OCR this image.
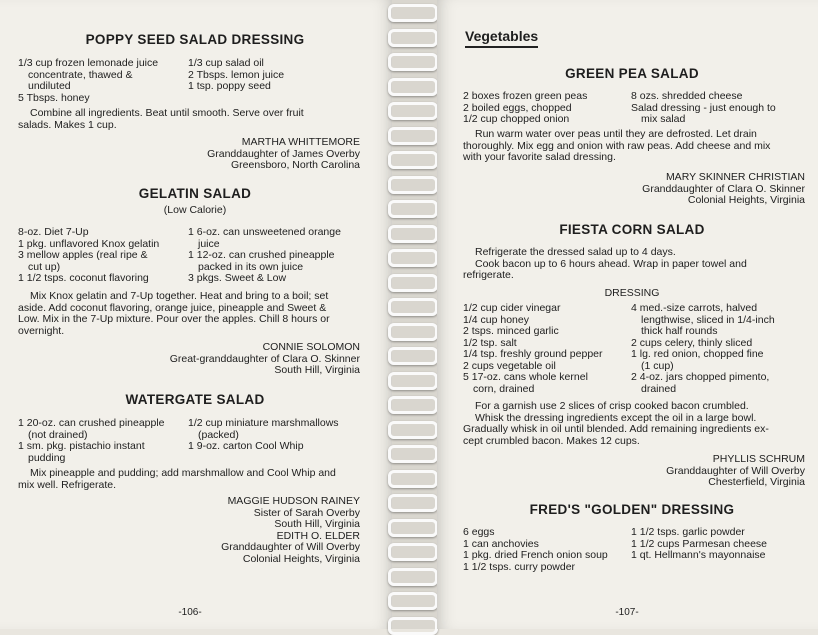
POPPY SEED SALAD DRESSING
1/3 cup frozen lemonade juice
concentrate, thawed &
undiluted
5 Tbsps. honey
1/3 cup salad oil
2 Tbsps. lemon juice
1 tsp. poppy seed
Combine all ingredients. Beat until smooth. Serve over fruit
salads. Makes 1 cup.
MARTHA WHITTEMORE
Granddaughter of James Overby
Greensboro, North Carolina
GELATIN SALAD
(Low Calorie)
8-oz. Diet 7-Up
1 pkg. unflavored Knox gelatin
3 mellow apples (real ripe &
cut up)
1 1/2 tsps. coconut flavoring
1 6-oz. can unsweetened orange
juice
1 12-oz. can crushed pineapple
packed in its own juice
3 pkgs. Sweet & Low
Mix Knox gelatin and 7-Up together. Heat and bring to a boil; set
aside. Add coconut flavoring, orange juice, pineapple and Sweet &
Low. Mix in the 7-Up mixture. Pour over the apples. Chill 8 hours or
overnight.
CONNIE SOLOMON
Great-granddaughter of Clara O. Skinner
South Hill, Virginia
WATERGATE SALAD
1 20-oz. can crushed pineapple
(not drained)
1 sm. pkg. pistachio instant
pudding
1/2 cup miniature marshmallows
(packed)
1 9-oz. carton Cool Whip
Mix pineapple and pudding; add marshmallow and Cool Whip and
mix well. Refrigerate.
MAGGIE HUDSON RAINEY
Sister of Sarah Overby
South Hill, Virginia
EDITH O. ELDER
Granddaughter of Will Overby
Colonial Heights, Virginia
-106-
Vegetables
GREEN PEA SALAD
2 boxes frozen green peas
2 boiled eggs, chopped
1/2 cup chopped onion
8 ozs. shredded cheese
Salad dressing - just enough to
mix salad
Run warm water over peas until they are defrosted. Let drain
thoroughly. Mix egg and onion with raw peas. Add cheese and mix
with your favorite salad dressing.
MARY SKINNER CHRISTIAN
Granddaughter of Clara O. Skinner
Colonial Heights, Virginia
FIESTA CORN SALAD
Refrigerate the dressed salad up to 4 days.
Cook bacon up to 6 hours ahead. Wrap in paper towel and
refrigerate.
DRESSING
1/2 cup cider vinegar
1/4 cup honey
2 tsps. minced garlic
1/2 tsp. salt
1/4 tsp. freshly ground pepper
2 cups vegetable oil
5 17-oz. cans whole kernel
corn, drained
4 med.-size carrots, halved
lengthwise, sliced in 1/4-inch
thick half rounds
2 cups celery, thinly sliced
1 lg. red onion, chopped fine
(1 cup)
2 4-oz. jars chopped pimento,
drained
For a garnish use 2 slices of crisp cooked bacon crumbled.
Whisk the dressing ingredients except the oil in a large bowl.
Gradually whisk in oil until blended. Add remaining ingredients ex-
cept crumbled bacon. Makes 12 cups.
PHYLLIS SCHRUM
Granddaughter of Will Overby
Chesterfield, Virginia
FRED'S "GOLDEN" DRESSING
6 eggs
1 can anchovies
1 pkg. dried French onion soup
1 1/2 tsps. curry powder
1 1/2 tsps. garlic powder
1 1/2 cups Parmesan cheese
1 qt. Hellmann's mayonnaise
-107-
